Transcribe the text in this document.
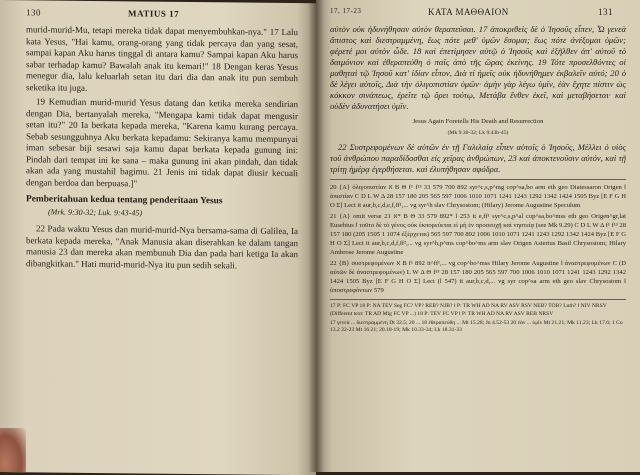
130	MATIUS 17

murid-murid-Mu, tetapi mereka tidak dapat menyembuhkan-nya." 17 Lalu kata Yesus, "Hai kamu, orang-orang yang tidak percaya dan yang sesat, sampai kapan Aku harus tinggal di antara kamu? Sampai kapan Aku harus sabar terhadap kamu? Bawalah anak itu kemari!" 18 Dengan keras Yesus menegur dia, lalu keluarlah setan itu dari dia dan anak itu pun sembuh seketika itu juga.

19 Kemudian murid-murid Yesus datang dan ketika mereka sendirian dengan Dia, bertanyalah mereka, "Mengapa kami tidak dapat mengusir setan itu?" 20 Ia berkata kepada mereka, "Karena kamu kurang percaya. Sebab sesungguhnya Aku berkata kepadamu: Sekiranya kamu mempunyai iman sebesar biji sesawi saja kamu dapat berkata kepada gunung ini: Pindah dari tempat ini ke sana – maka gunung ini akan pindah, dan tidak akan ada yang mustahil bagimu. 21 Jenis ini tidak dapat diusir kecuali dengan berdoa dan berpuasa.]"

Pemberitahuan kedua tentang penderitaan Yesus

(Mrk. 9:30-32; Luk. 9:43-45)

22 Pada waktu Yesus dan murid-murid-Nya bersama-sama di Galilea, Ia berkata kepada mereka, "Anak Manusia akan diserahkan ke dalam tangan manusia 23 dan mereka akan membunuh Dia dan pada hari ketiga Ia akan dibangkitkan." Hati murid-murid-Nya itu pun sedih sekali.

17, 17-23	ΚΑΤΑ ΜΑΘΘΑΙΟΝ	131

αὐτὸν οὐκ ἠδυνήθησαν αὐτὸν θεραπεῦσαι. 17 ἀποκριθεὶς δὲ ὁ Ἰησοῦς εἶπεν, Ὦ γενεὰ ἄπιστος καὶ διεστραμμένη, ἕως πότε μεθ' ὑμῶν ἔσομαι; ἕως πότε ἀνέξομαι ὑμῶν; φέρετέ μοι αὐτὸν ὧδε. 18 καὶ ἐπετίμησεν αὐτῷ ὁ Ἰησοῦς καὶ ἐξῆλθεν ἀπ' αὐτοῦ τὸ δαιμόνιον καὶ ἐθεραπεύθη ὁ παῖς ἀπὸ τῆς ὥρας ἐκείνης. 19 Τότε προσελθόντες οἱ μαθηταὶ τῷ Ἰησοῦ κατ' ἰδίαν εἶπον, Διὰ τί ἡμεῖς οὐκ ἠδυνήθημεν ἐκβαλεῖν αὐτό; 20 ὁ δὲ λέγει αὐτοῖς, Διὰ τὴν ὀλιγοπιστίαν ὑμῶν· ἀμὴν γὰρ λέγω ὑμῖν, ἐὰν ἔχητε πίστιν ὡς κόκκον σινάπεως, ἐρεῖτε τῷ ὄρει τούτῳ, Μετάβα ἔνθεν ἐκεῖ, καὶ μεταβήσεται· καὶ οὐδὲν ἀδυνατήσει ὑμῖν.

Jesus Again Foretells His Death and Resurrection

(Mk 9.30-32; Lk 9.43b-45)

22 Συστρεφομένων δὲ αὐτῶν ἐν τῇ Γαλιλαίᾳ εἶπεν αὐτοῖς ὁ Ἰησοῦς, Μέλλει ὁ υἱὸς τοῦ ἀνθρώπου παραδίδοσθαι εἰς χεῖρας ἀνθρώπων, 23 καὶ ἀποκτενοῦσιν αὐτόν, καὶ τῇ τρίτῃ ἡμέρᾳ ἐγερθήσεται. καὶ ἐλυπήθησαν σφόδρα.

20 {A} ὀλιγοπιστίαν א B Θ f¹ f¹³ 33 579 700 892 syr^c,s,p^mg cop^sa,bo arm eth geo Diatessaron Origen ǁ ἀπιστίαν C D L W Δ 28 157 180 205 565 597 1006 1010 1071 1241 1243 1292 1342 1424 1505 Byz [E F G H O Σ] Lect it aur,b,c,d,e,f,ff¹,... vg syr^h slav Chrysostom; (Hilary) Jerome Augustine Speculum

21 {A} omit verse 21 א* B Θ 33 579 892* l 253 it e,ff¹ syr^c,s,p^al cop^sa,bo^mss eth geo Origen^gr,lat Eusebius ǁ τοῦτο δὲ τὸ γένος οὐκ ἐκπορεύεται εἰ μὴ ἐν προσευχῇ καὶ νηστείᾳ (see Mk 9.29) C D L W Δ f¹ f¹³ 28 157 180 (205 1505 1 1074 ἐξέρχεται) 565 597 700 892 1006 1010 1071 1241 1243 1292 1342 1424 Byz [E F G H O Σ] Lect it aur,b,c,d,f,ff²,... vg syr^h,p^ms cop^bo^ms arm slav Origen Asterius Basil Chrysostom; Hilary Ambrose Jerome Augustine

22 {B} συστρεφομένων א B f¹ 892 it^ff¹,... vg cop^bo^mss Hilary Jerome Augustine ǁ ἀναστρεφομένων C (D αὐτῶν δὲ ἀναστρεφομένων) L W Δ Θ f¹³ 28 157 180 205 565 597 700 1006 1010 1071 1241 1243 1292 1342 1424 1505 Byz [E F G H O Σ] Lect (l 547) it aur,b,c,d,... vg syr cop^sa arm eth geo slav Chrysostom ǁ ὑποστρεφόντων 579

17 P: FC VP 18 P: NA TEV Seg FC? VP? REB? NJB? ǁ P: TR WH AD NA RV ASV RSV NEB? TOB? Luth? ǁ NIV NRSV (Different text: TR AD Mlg FC VP ...) 18 P: TEV FC VP ǁ P: TR WH AD NA RV ASV REB NRSV

17 γενεὰ ... διεστραμμένη Dt 32.5; 20 ... 18 ἐθεραπεύθη ... Mt 15.28; Jn 4.52-53 20 ἐὰν ... ὑμῖν Mt 21.21; Mk 11.23; Lk 17.6; 1 Co 13.2 22-23 Mt 16.21; 20.18-19; Mk 10.33-34; Lk 18.31-33
